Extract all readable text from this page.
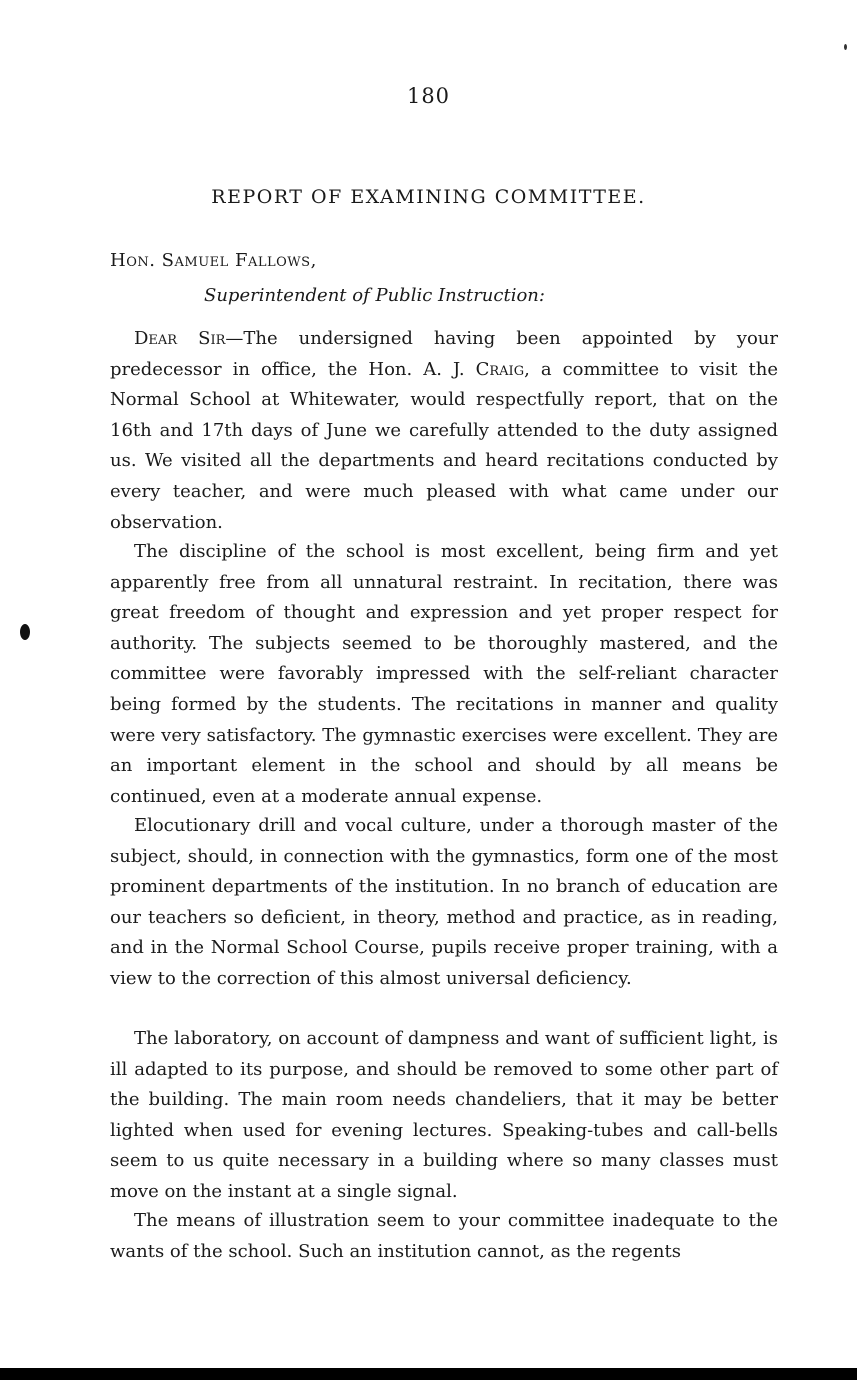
180
REPORT OF EXAMINING COMMITTEE.
Hon. Samuel Fallows,
Superintendent of Public Instruction:

Dear Sir—The undersigned having been appointed by your predecessor in office, the Hon. A. J. Craig, a committee to visit the Normal School at Whitewater, would respectfully report, that on the 16th and 17th days of June we carefully attended to the duty assigned us. We visited all the departments and heard recitations conducted by every teacher, and were much pleased with what came under our observation.

The discipline of the school is most excellent, being firm and yet apparently free from all unnatural restraint. In recitation, there was great freedom of thought and expression and yet proper respect for authority. The subjects seemed to be thoroughly mastered, and the committee were favorably impressed with the self-reliant character being formed by the students. The recitations in manner and quality were very satisfactory. The gymnastic exercises were excellent. They are an important element in the school and should by all means be continued, even at a moderate annual expense.

Elocutionary drill and vocal culture, under a thorough master of the subject, should, in connection with the gymnastics, form one of the most prominent departments of the institution. In no branch of education are our teachers so deficient, in theory, method and practice, as in reading, and in the Normal School Course, pupils receive proper training, with a view to the correction of this almost universal deficiency.

The laboratory, on account of dampness and want of sufficient light, is ill adapted to its purpose, and should be removed to some other part of the building. The main room needs chandeliers, that it may be better lighted when used for evening lectures. Speaking-tubes and call-bells seem to us quite necessary in a building where so many classes must move on the instant at a single signal.

The means of illustration seem to your committee inadequate to the wants of the school. Such an institution cannot, as the regents
